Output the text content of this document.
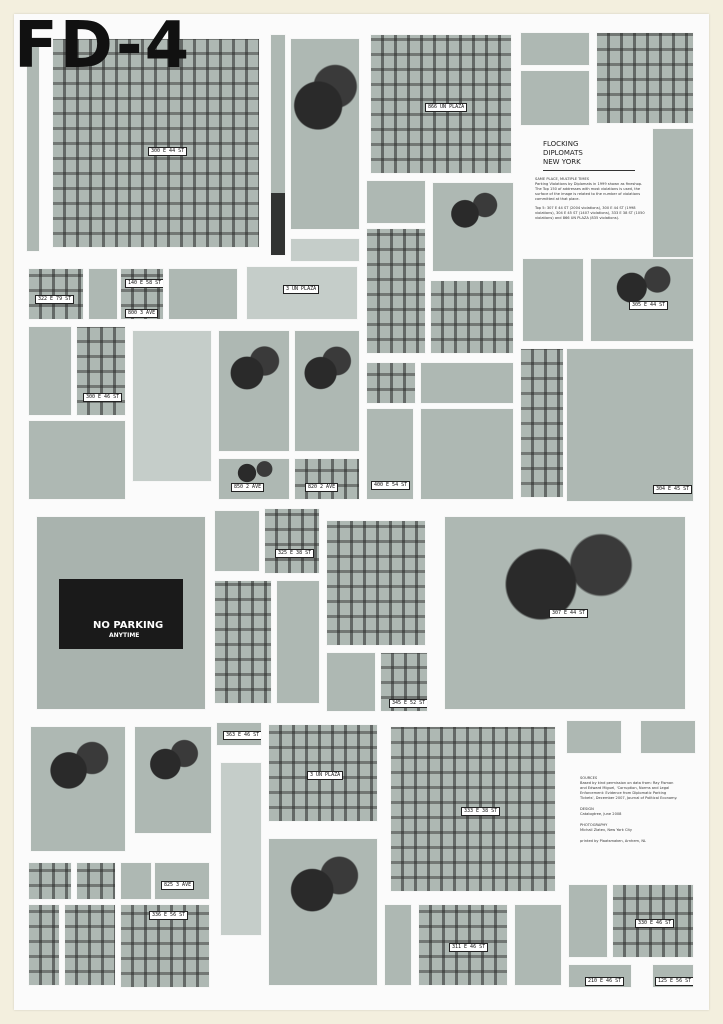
FD-4
300 E 44 ST
866 UN PLAZA
3 UN PLAZA
FLOCKING
DIPLOMATS
NEW YORK
SAME PLACE, MULTIPLE TIMES
Parking Violations by Diplomats in 1999 shown as fineshop. The Top 150 of addresses with most violations is used, the surface of the image is related to the number of violations committed at that place.
Top 5: 307 E 44 ST (2004 violations), 300 E 44 ST (1998 violations), 304 E 45 ST (1407 violations), 333 E 38 ST (1050 violations) and 866 UN PLAZA (835 violations).
322 E 79 ST
140 E 58 ST
800 3 AVE
305 E 44 ST
300 E 46 ST
304 E 45 ST
850 2 AVE	820 2 AVE	400 E 54 ST
NO PARKING
ANYTIME
325 E 38 ST
345 E 52 ST
307 E 44 ST
363 E 46 ST
3 UN PLAZA
333 E 38 ST
SOURCES
Based by kind permission on data from: Ray Fisman and Edward Miguel, 'Corruption, Norms and Legal Enforcement: Evidence from Diplomatic Parking Tickets', December 2007, Journal of Political Economy.
DESIGN
Catalogtree, June 2008
PHOTOGRAPHY
Michail Zlatev, New York City
printed by Plaatsmaken, Arnhem, NL
825 3 AVE
336 E 56 ST
311 E 46 ST
330 E 46 ST
210 E 46 ST	125 E 56 ST
